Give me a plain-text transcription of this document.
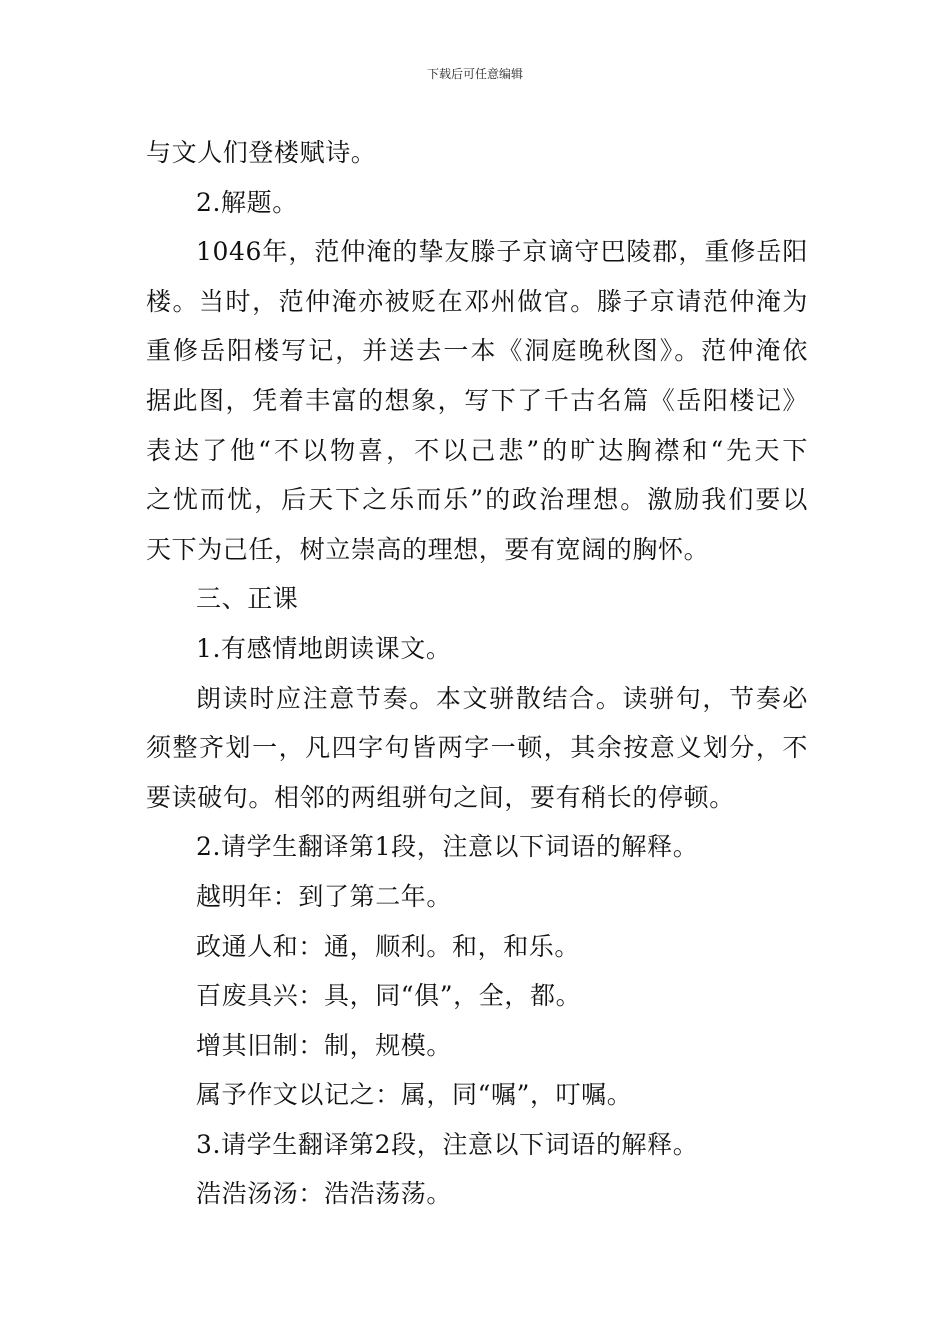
下载后可任意编辑
与文人们登楼赋诗。
2.解题。
1046年，范仲淹的挚友滕子京谪守巴陵郡，重修岳阳
楼。当时，范仲淹亦被贬在邓州做官。滕子京请范仲淹为
重修岳阳楼写记，并送去一本《洞庭晚秋图》。范仲淹依
据此图，凭着丰富的想象，写下了千古名篇《岳阳楼记》
表达了他“不以物喜，不以己悲”的旷达胸襟和“先天下
之忧而忧，后天下之乐而乐”的政治理想。激励我们要以
天下为己任，树立崇高的理想，要有宽阔的胸怀。
三、正课
1.有感情地朗读课文。
朗读时应注意节奏。本文骈散结合。读骈句，节奏必
须整齐划一，凡四字句皆两字一顿，其余按意义划分，不
要读破句。相邻的两组骈句之间，要有稍长的停顿。
2.请学生翻译第1段，注意以下词语的解释。
越明年：到了第二年。
政通人和：通，顺利。和，和乐。
百废具兴：具，同“俱”，全，都。
增其旧制：制，规模。
属予作文以记之：属，同“嘱”，叮嘱。
3.请学生翻译第2段，注意以下词语的解释。
浩浩汤汤：浩浩荡荡。
